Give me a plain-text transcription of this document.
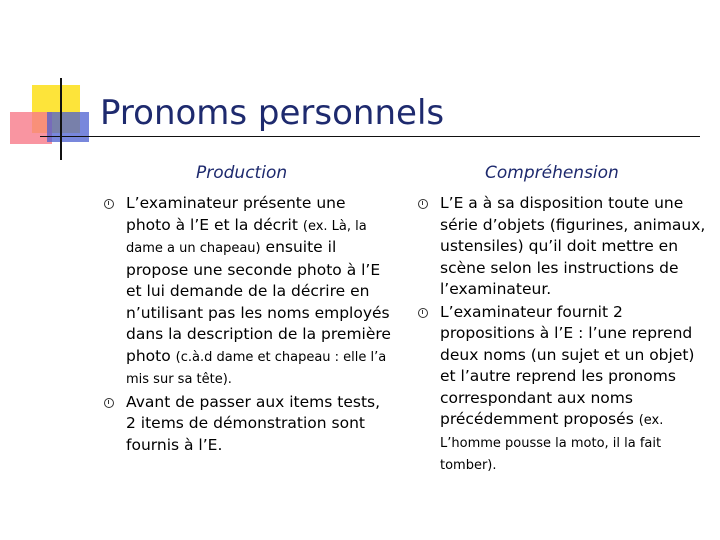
Pronoms personnels
Production	Compréhension
L’examinateur présente une photo à l’E et la décrit (ex. Là, la dame a un chapeau) ensuite il propose une seconde photo à l’E et lui demande de la décrire en n’utilisant pas les noms employés dans la description de la première photo (c.à.d dame et chapeau : elle l’a mis sur sa tête).
Avant de passer aux items tests, 2 items de démonstration sont fournis à l’E.
L’E a à sa disposition toute une série d’objets (figurines, animaux, ustensiles) qu’il doit mettre en scène selon les instructions de l’examinateur.
L’examinateur fournit 2 propositions à l’E : l’une reprend deux noms (un sujet et un objet) et l’autre reprend les pronoms correspondant aux noms précédemment proposés (ex. L’homme pousse la moto, il la fait tomber).
